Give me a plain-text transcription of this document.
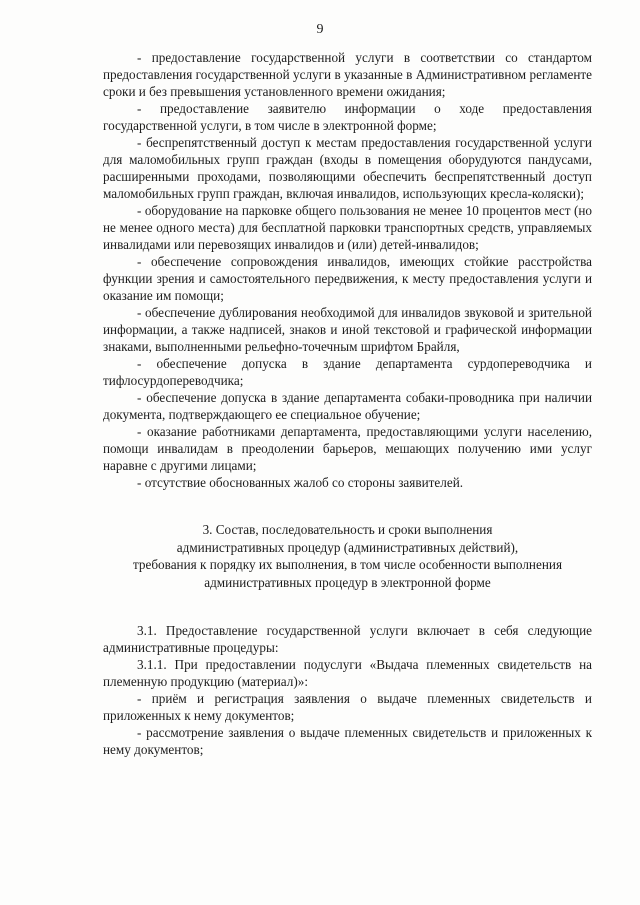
9

- предоставление государственной услуги в соответствии со стандартом предоставления государственной услуги в указанные в Административном регламенте сроки и без превышения установленного времени ожидания;

- предоставление заявителю информации о ходе предоставления государственной услуги, в том числе в электронной форме;

- беспрепятственный доступ к местам предоставления государственной услуги для маломобильных групп граждан (входы в помещения оборудуются пандусами, расширенными проходами, позволяющими обеспечить беспрепятственный доступ маломобильных групп граждан, включая инвалидов, использующих кресла-коляски);

- оборудование на парковке общего пользования не менее 10 процентов мест (но не менее одного места) для бесплатной парковки транспортных средств, управляемых инвалидами или перевозящих инвалидов и (или) детей-инвалидов;

- обеспечение сопровождения инвалидов, имеющих стойкие расстройства функции зрения и самостоятельного передвижения, к месту предоставления услуги и оказание им помощи;

- обеспечение дублирования необходимой для инвалидов звуковой и зрительной информации, а также надписей, знаков и иной текстовой и графической информации знаками, выполненными рельефно-точечным шрифтом Брайля,

- обеспечение допуска в здание департамента сурдопереводчика и тифлосурдопереводчика;

- обеспечение допуска в здание департамента собаки-проводника при наличии документа, подтверждающего ее специальное обучение;

- оказание работниками департамента, предоставляющими услуги населению, помощи инвалидам в преодолении барьеров, мешающих получению ими услуг наравне с другими лицами;

- отсутствие обоснованных жалоб со стороны заявителей.

3. Состав, последовательность и сроки выполнения
административных процедур (административных действий),
требования к порядку их выполнения, в том числе особенности выполнения
административных процедур в электронной форме

3.1. Предоставление государственной услуги включает в себя следующие административные процедуры:

3.1.1. При предоставлении подуслуги «Выдача племенных свидетельств на племенную продукцию (материал)»:

- приём и регистрация заявления о выдаче племенных свидетельств и приложенных к нему документов;

- рассмотрение заявления о выдаче племенных свидетельств и приложенных к нему документов;
